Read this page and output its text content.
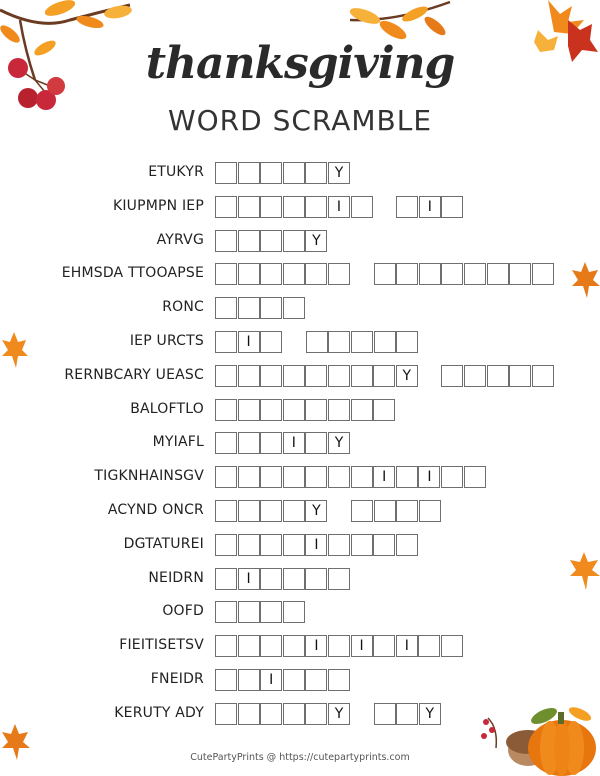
thanksgiving
WORD SCRAMBLE
ETUKYR	Y
KIUPMPN IEP	I	I
AYRVG	Y
EHMSDA TTOOAPSE
RONC
IEP URCTS	I
RERNBCARY UEASC	Y
BALOFTLO
MYIAFL	I	Y
TIGKNHAINSGV	I	I
ACYND ONCR	Y
DGTATUREI	I
NEIDRN	I
OOFD
FIEITISETSV	I	I	I
FNEIDR	I
KERUTY ADY	Y	Y
CutePartyPrints @ https://cutepartyprints.com
